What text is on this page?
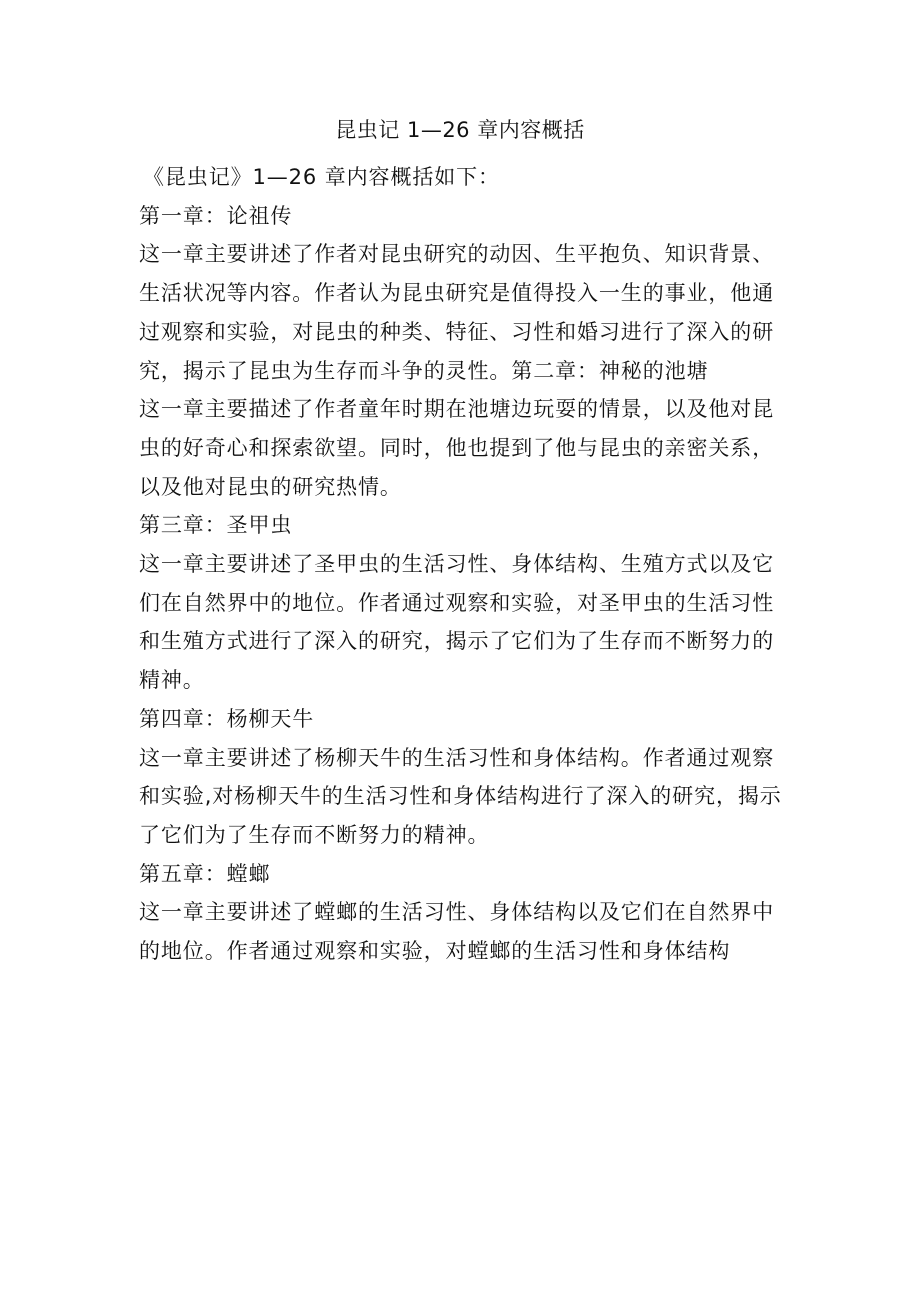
昆虫记 1—26 章内容概括

《昆虫记》1—26 章内容概括如下：

第一章：论祖传

这一章主要讲述了作者对昆虫研究的动因、生平抱负、知识背景、生活状况等内容。作者认为昆虫研究是值得投入一生的事业，他通过观察和实验，对昆虫的种类、特征、习性和婚习进行了深入的研究，揭示了昆虫为生存而斗争的灵性。第二章：神秘的池塘

这一章主要描述了作者童年时期在池塘边玩耍的情景，以及他对昆虫的好奇心和探索欲望。同时，他也提到了他与昆虫的亲密关系，以及他对昆虫的研究热情。

第三章：圣甲虫

这一章主要讲述了圣甲虫的生活习性、身体结构、生殖方式以及它们在自然界中的地位。作者通过观察和实验，对圣甲虫的生活习性和生殖方式进行了深入的研究，揭示了它们为了生存而不断努力的精神。

第四章：杨柳天牛

这一章主要讲述了杨柳天牛的生活习性和身体结构。作者通过观察和实验,对杨柳天牛的生活习性和身体结构进行了深入的研究，揭示了它们为了生存而不断努力的精神。

第五章：螳螂

这一章主要讲述了螳螂的生活习性、身体结构以及它们在自然界中的地位。作者通过观察和实验，对螳螂的生活习性和身体结构
